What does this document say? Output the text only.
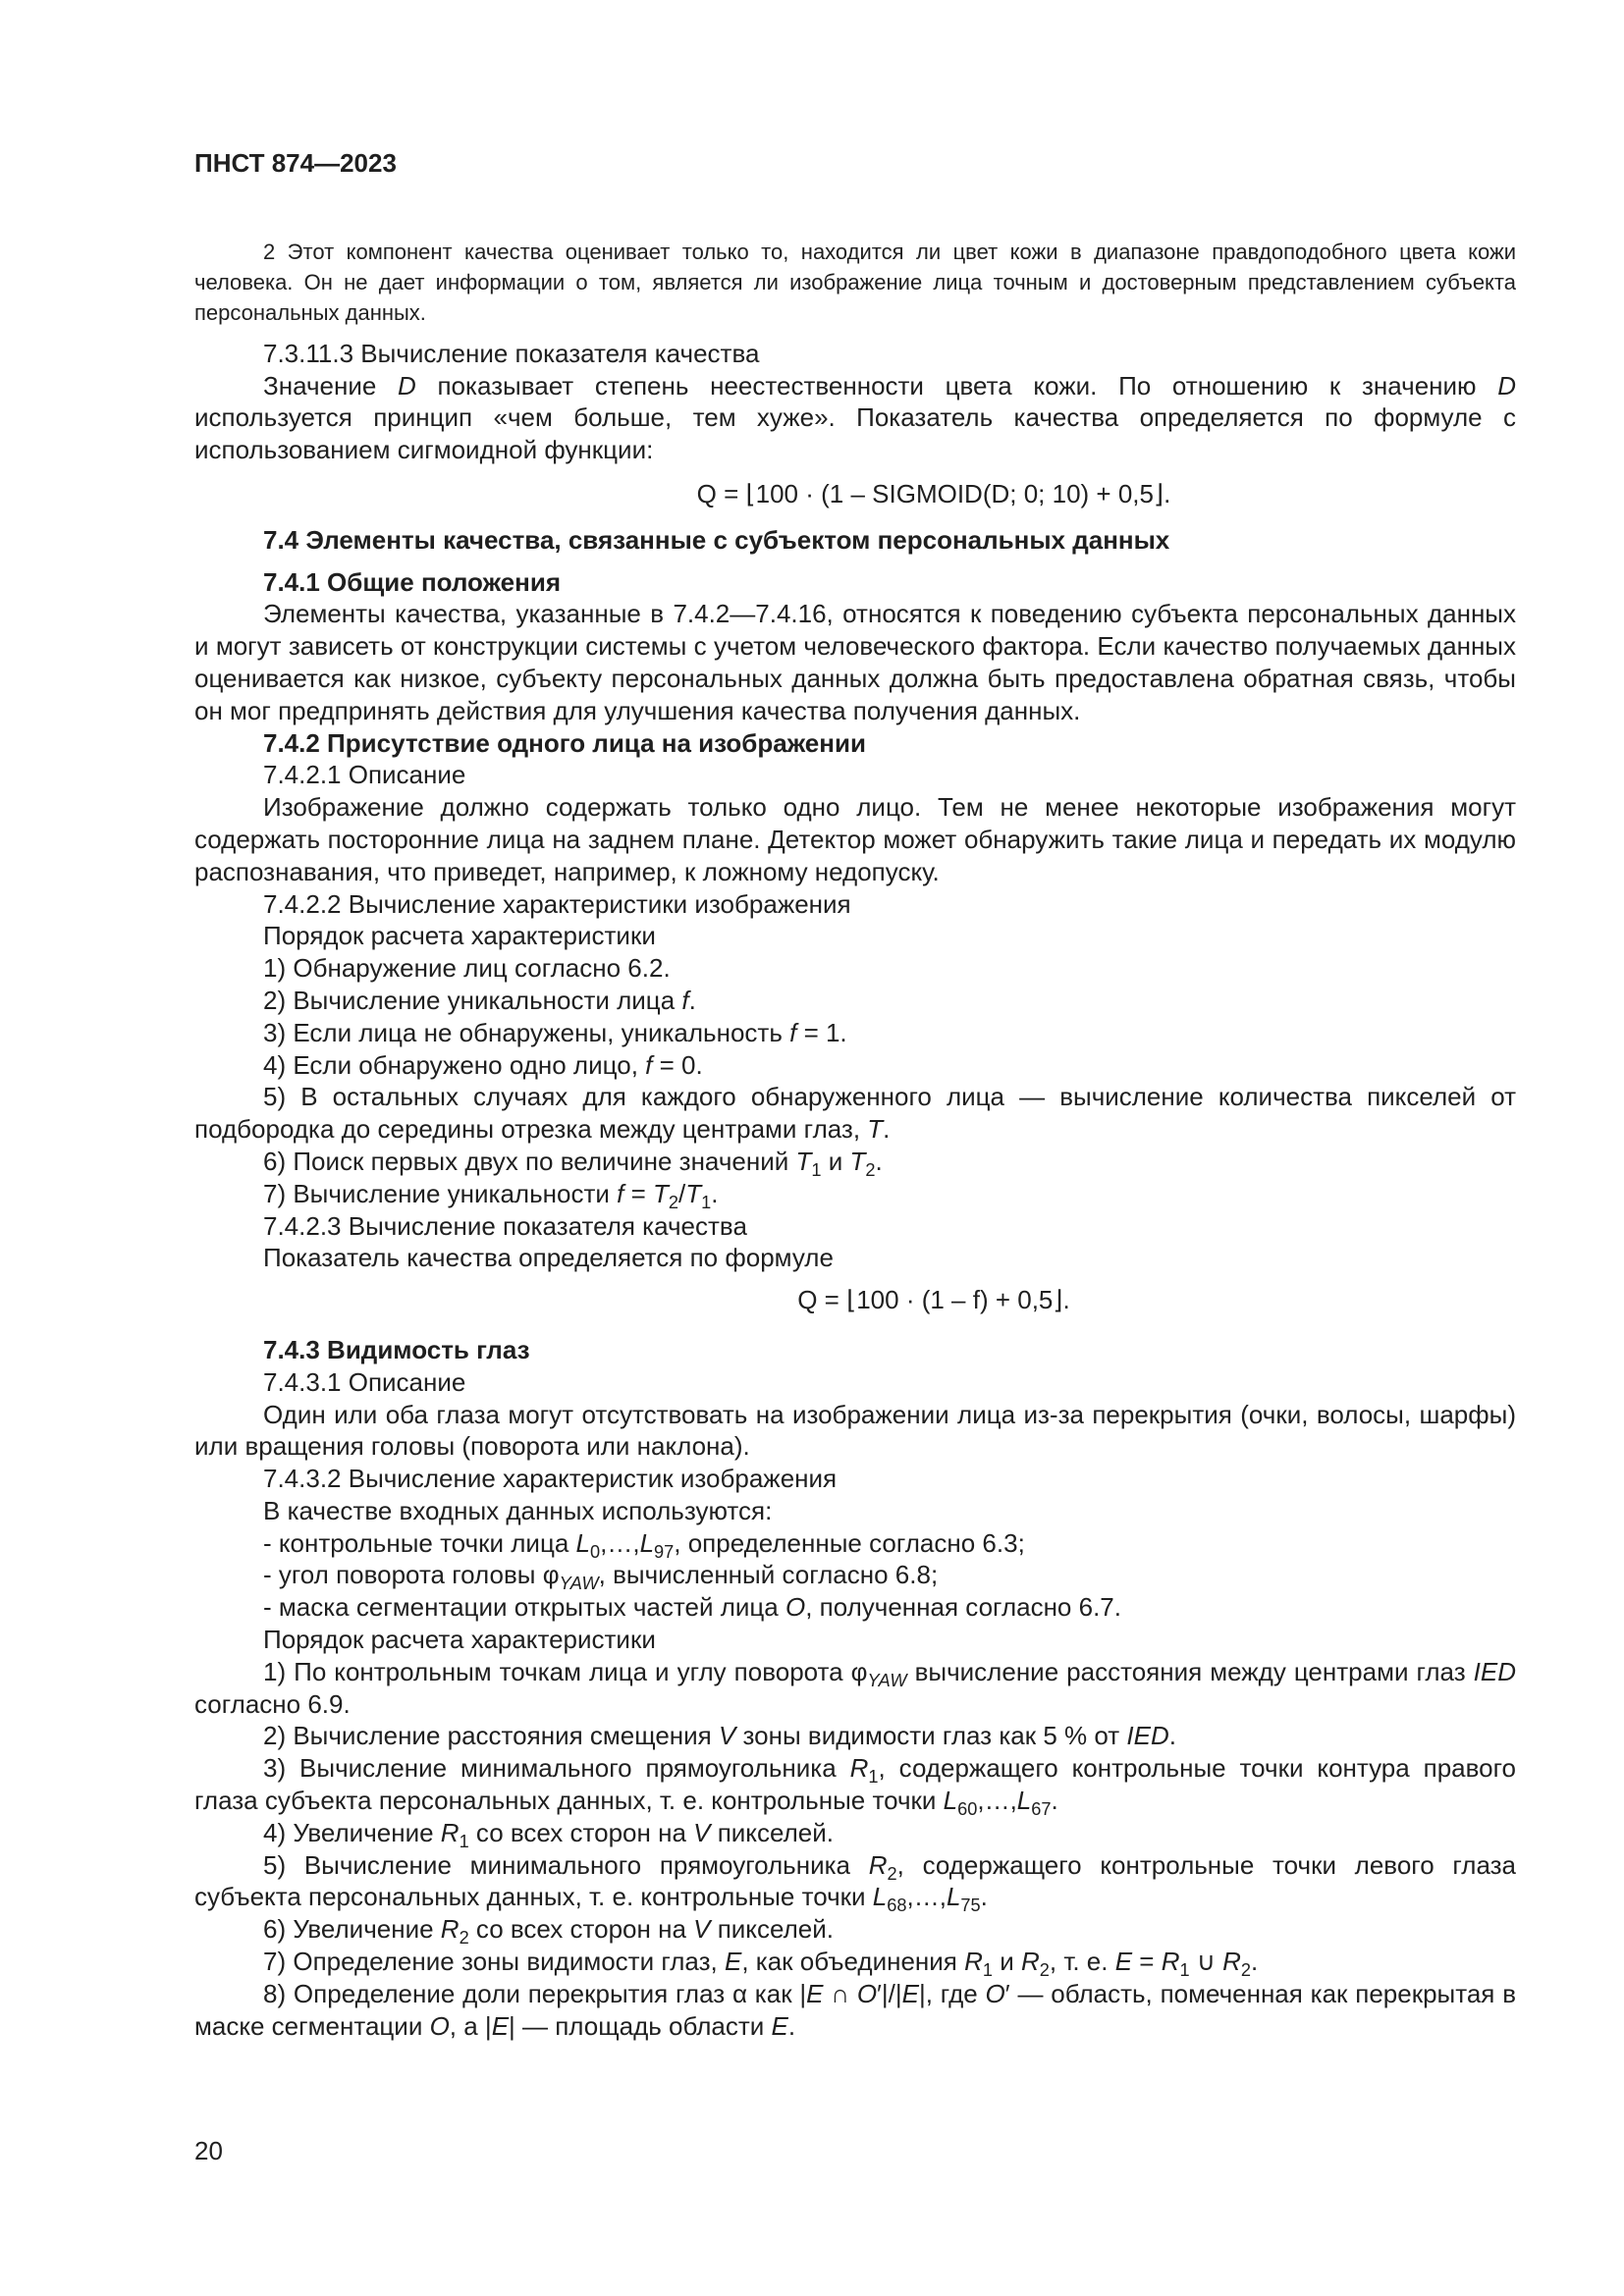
ПНСТ 874—2023

2 Этот компонент качества оценивает только то, находится ли цвет кожи в диапазоне правдоподобного цвета кожи человека. Он не дает информации о том, является ли изображение лица точным и достоверным представлением субъекта персональных данных.

7.3.11.3 Вычисление показателя качества

Значение D показывает степень неестественности цвета кожи. По отношению к значению D используется принцип «чем больше, тем хуже». Показатель качества определяется по формуле с использованием сигмоидной функции:

Q = ⌊100 · (1 – SIGMOID(D; 0; 10) + 0,5⌋.

7.4 Элементы качества, связанные с субъектом персональных данных

7.4.1 Общие положения

Элементы качества, указанные в 7.4.2—7.4.16, относятся к поведению субъекта персональных данных и могут зависеть от конструкции системы с учетом человеческого фактора. Если качество получаемых данных оценивается как низкое, субъекту персональных данных должна быть предоставлена обратная связь, чтобы он мог предпринять действия для улучшения качества получения данных.

7.4.2 Присутствие одного лица на изображении

7.4.2.1 Описание

Изображение должно содержать только одно лицо. Тем не менее некоторые изображения могут содержать посторонние лица на заднем плане. Детектор может обнаружить такие лица и передать их модулю распознавания, что приведет, например, к ложному недопуску.

7.4.2.2 Вычисление характеристики изображения

Порядок расчета характеристики

1) Обнаружение лиц согласно 6.2.

2) Вычисление уникальности лица f.

3) Если лица не обнаружены, уникальность f = 1.

4) Если обнаружено одно лицо, f = 0.

5) В остальных случаях для каждого обнаруженного лица — вычисление количества пикселей от подбородка до середины отрезка между центрами глаз, T.

6) Поиск первых двух по величине значений $T_1$ и $T_2$.

7) Вычисление уникальности $f = T_2/T_1$.

7.4.2.3 Вычисление показателя качества

Показатель качества определяется по формуле

Q = ⌊100 · (1 – f) + 0,5⌋.

7.4.3 Видимость глаз

7.4.3.1 Описание

Один или оба глаза могут отсутствовать на изображении лица из-за перекрытия (очки, волосы, шарфы) или вращения головы (поворота или наклона).

7.4.3.2 Вычисление характеристик изображения

В качестве входных данных используются:

- контрольные точки лица $L_0,\dots,L_{97}$, определенные согласно 6.3;

- угол поворота головы $\varphi_{YAW}$, вычисленный согласно 6.8;

- маска сегментации открытых частей лица O, полученная согласно 6.7.

Порядок расчета характеристики

1) По контрольным точкам лица и углу поворота $\varphi_{YAW}$ вычисление расстояния между центрами глаз IED согласно 6.9.

2) Вычисление расстояния смещения V зоны видимости глаз как 5 % от IED.

3) Вычисление минимального прямоугольника $R_1$, содержащего контрольные точки контура правого глаза субъекта персональных данных, т. е. контрольные точки $L_{60},\dots,L_{67}$.

4) Увеличение $R_1$ со всех сторон на V пикселей.

5) Вычисление минимального прямоугольника $R_2$, содержащего контрольные точки левого глаза субъекта персональных данных, т. е. контрольные точки $L_{68},\dots,L_{75}$.

6) Увеличение $R_2$ со всех сторон на V пикселей.

7) Определение зоны видимости глаз, E, как объединения $R_1$ и $R_2$, т. е. $E = R_1$ ∪ $R_2$.

8) Определение доли перекрытия глаз α как |E ∩ O′|/|E|, где O′ — область, помеченная как перекрытая в маске сегментации O, а |E| — площадь области E.

20
